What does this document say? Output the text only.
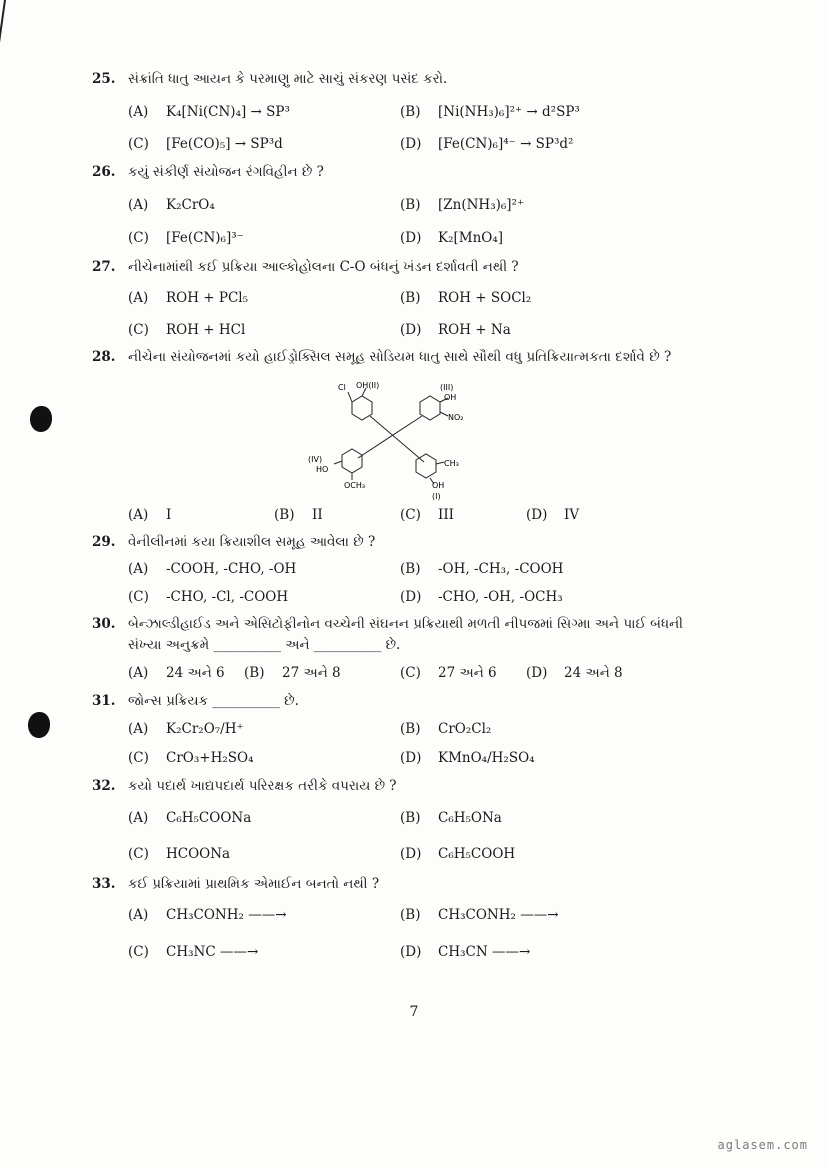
25. સંક્રાંતિ ધાતુ આયન કે પરમાણુ માટે સાચું સંકરણ પસંદ કરો.
(A) K₄[Ni(CN)₄] → SP³	(B) [Ni(NH₃)₆]²⁺ → d²SP³
(C) [Fe(CO)₅] → SP³d	(D) [Fe(CN)₆]⁴⁻ → SP³d²
26. કયું સંકીર્ણ સંયોજન રંગવિહીન છે ?
(A) K₂CrO₄	(B) [Zn(NH₃)₆]²⁺
(C) [Fe(CN)₆]³⁻	(D) K₂[MnO₄]
27. નીચેનામાંથી કઈ પ્રક્રિયા આલ્કોહોલના C-O બંધનું ખંડન દર્શાવતી નથી ?
(A) ROH + PCl₅	(B) ROH + SOCl₂
(C) ROH + HCl	(D) ROH + Na
28. નીચેના સંયોજનમાં કયો હાઈડ્રોક્સિલ સમૂહ સોડિયમ ધાતુ સાથે સૌથી વધુ પ્રતિક્રિયાત્મકતા દર્શાવે છે ?
Cl OH(II)	(III)
OH
NO₂
(IV)
HO
OCH₃
CH₃
OH
(I)
(A) I	(B) II	(C) III	(D) IV
29. વેનીલીનમાં કયા ક્રિયાશીલ સમૂહ આવેલા છે ?
(A) -COOH, -CHO, -OH	(B) -OH, -CH₃, -COOH
(C) -CHO, -Cl, -COOH	(D) -CHO, -OH, -OCH₃
30. બેન્ઝાલ્ડીહાઈડ અને એસિટોફીનોન વચ્ચેની સંઘનન પ્રક્રિયાથી મળતી નીપજમાં સિગ્મા અને પાઈ બંધની
સંખ્યા અનુક્રમે __________ અને __________ છે.
(A) 24 અને 6 (B) 27 અને 8	(C) 27 અને 6 (D) 24 અને 8
31. જોન્સ પ્રક્રિયક __________ છે.
(A) K₂Cr₂O₇/H⁺	(B) CrO₂Cl₂
(C) CrO₃+H₂SO₄	(D) KMnO₄/H₂SO₄
32. કયો પદાર્થ ખાદ્યપદાર્થ પરિરક્ષક તરીકે વપરાય છે ?
(A) C₆H₅COONa	(B) C₆H₅ONa
(C) HCOONa	(D) C₆H₅COOH
33. કઈ પ્રક્રિયામાં પ્રાથમિક એમાઈન બનતો નથી ?
(A) CH₃CONH₂ ——→	(B) CH₃CONH₂ ——→
(C) CH₃NC ——→	(D) CH₃CN ——→
7
aglasem.com
